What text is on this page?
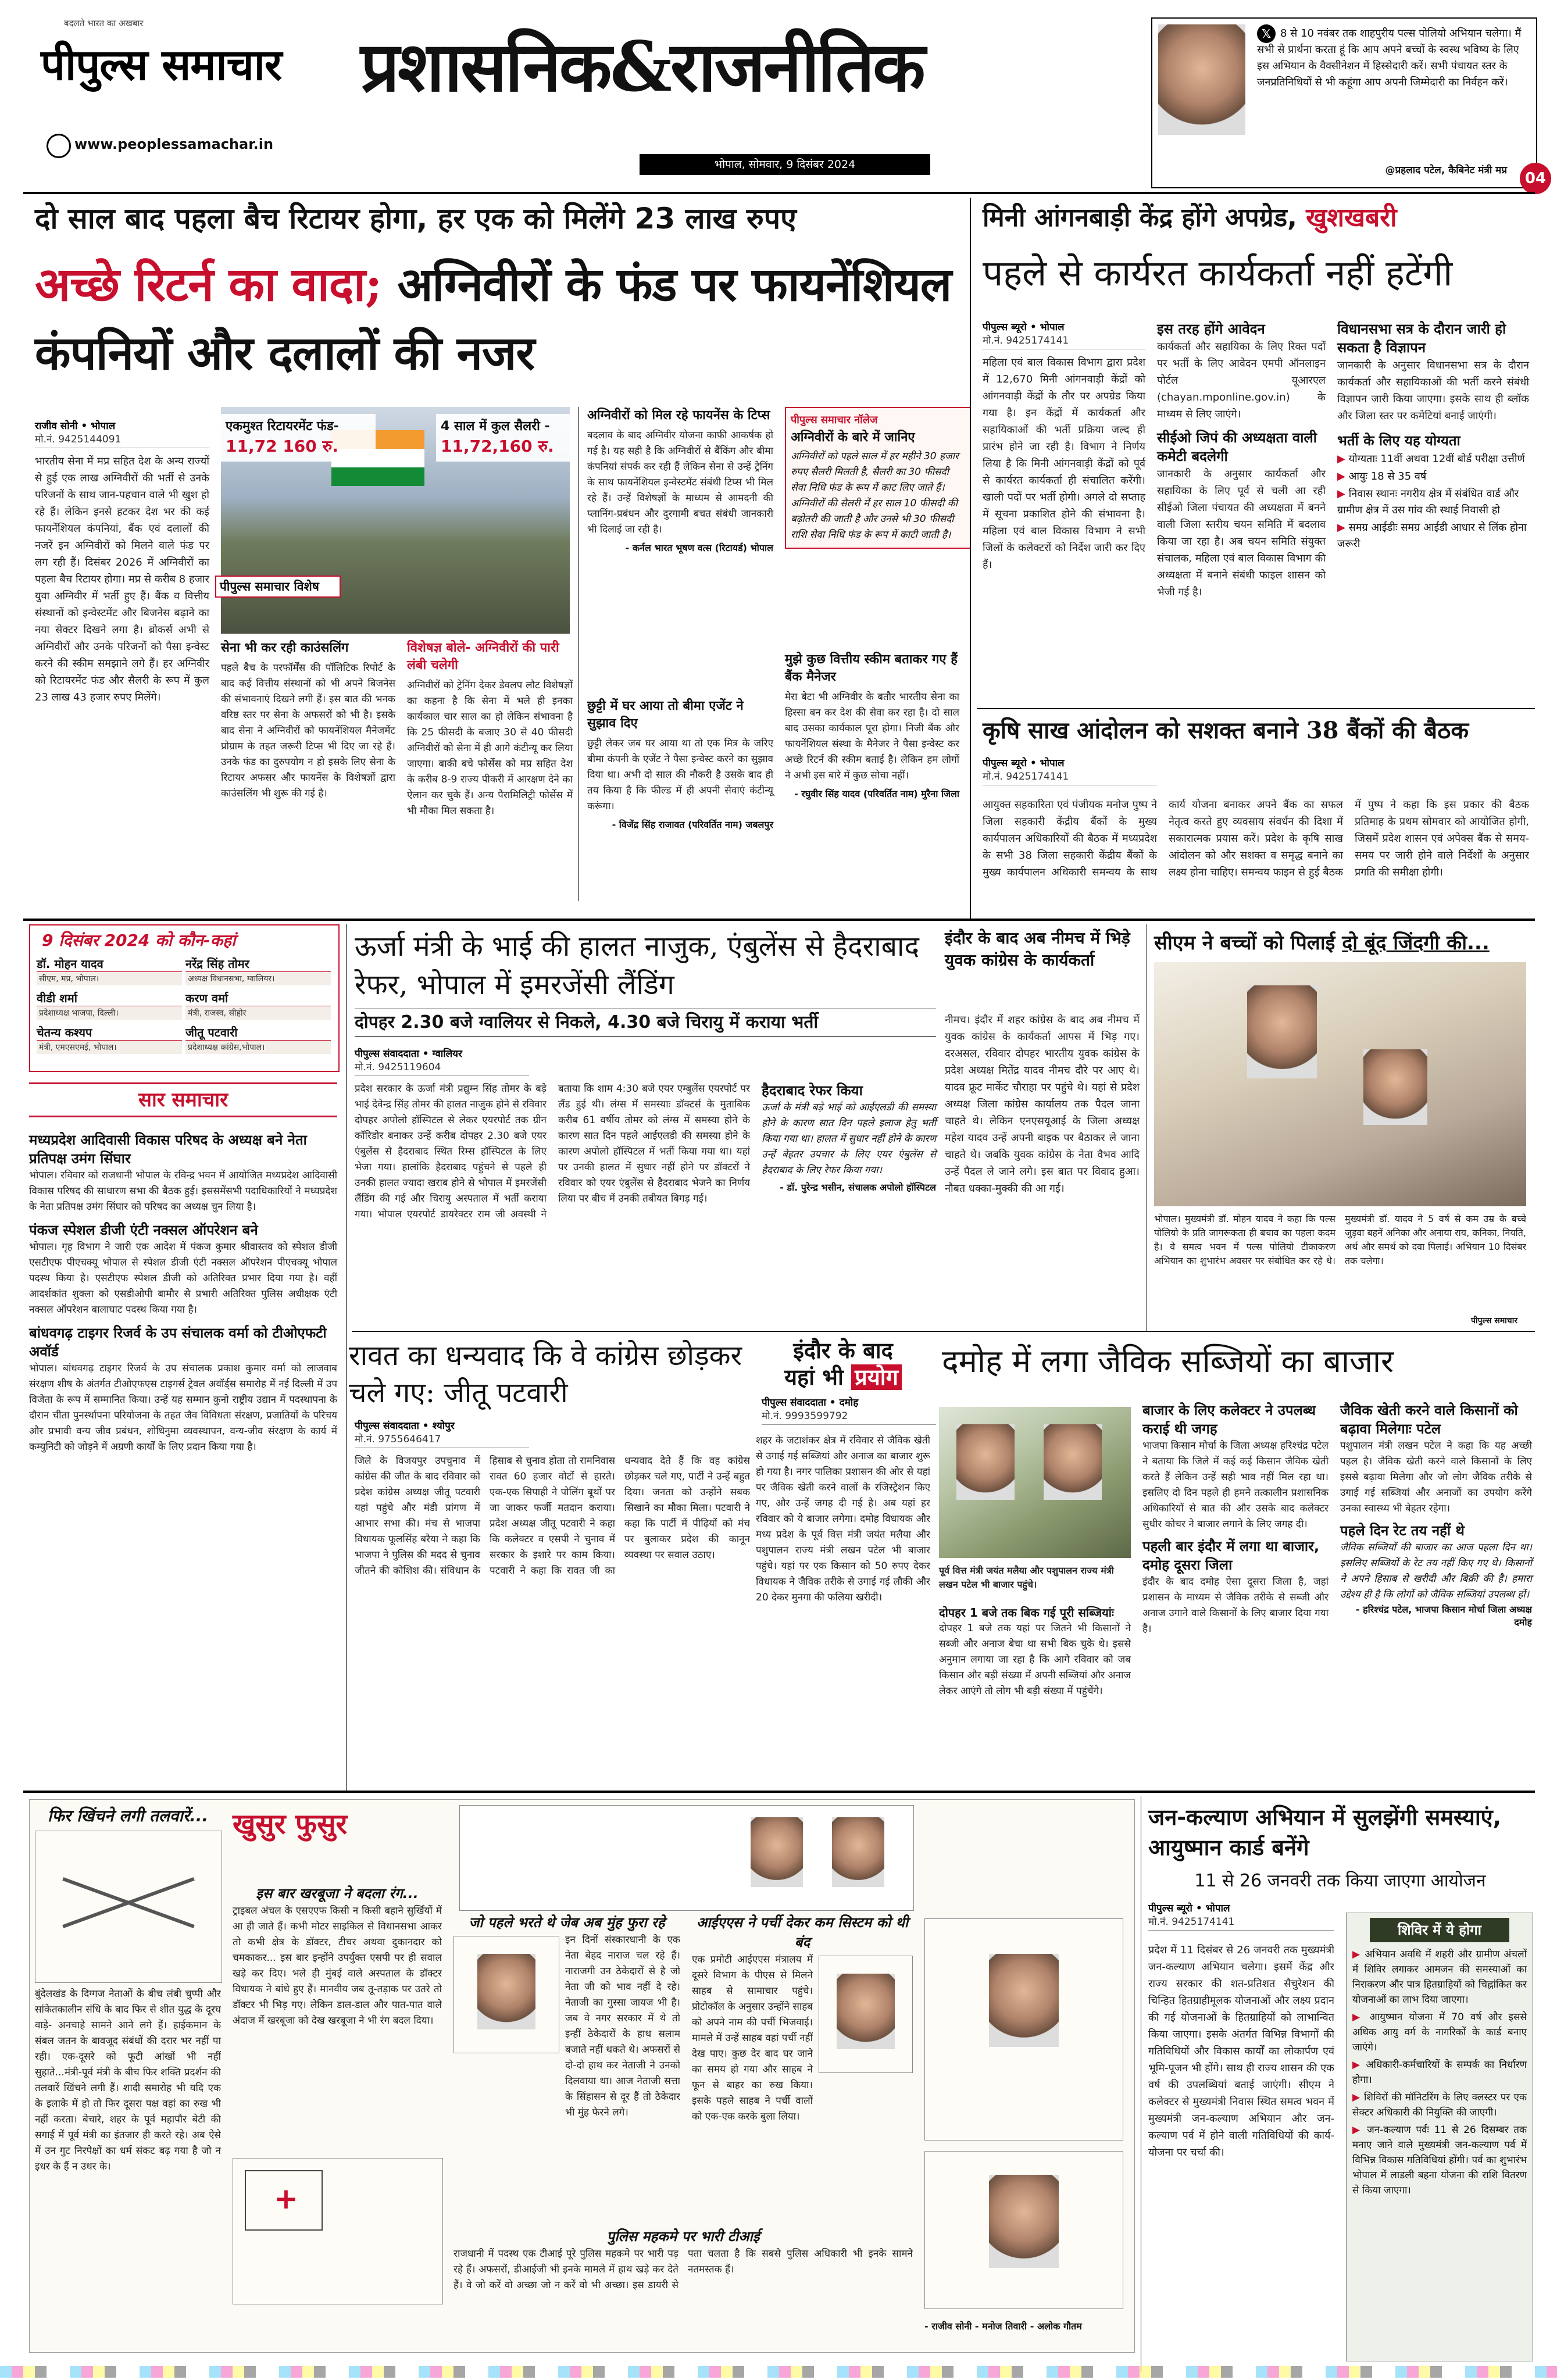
बदलते भारत का अखबार
पीपुल्स समाचार
www.peoplessamachar.in
प्रशासनिक&राजनीतिक
भोपाल, सोमवार, 9 दिसंबर 2024
𝕏 8 से 10 नवंबर तक शाहपुरीय पल्स पोलियो अभियान चलेगा। मैं सभी से प्रार्थना करता हूं कि आप अपने बच्चों के स्वस्थ भविष्य के लिए इस अभियान के वैक्सीनेशन में हिस्सेदारी करें। सभी पंचायत स्तर के जनप्रतिनिधियों से भी कहूंगा आप अपनी जिम्मेदारी का निर्वहन करें।
@प्रहलाद पटेल, कैबिनेट मंत्री मप्र	04
दो साल बाद पहला बैच रिटायर होगा, हर एक को मिलेंगे 23 लाख रुपए
अच्छे रिटर्न का वादा; अग्निवीरों के फंड पर फायनेंशियल कंपनियों और दलालों की नजर
राजीव सोनी • भोपाल
मो.नं. 9425144091
भारतीय सेना में मप्र सहित देश के अन्य राज्यों से हुई एक लाख अग्निवीरों की भर्ती से उनके परिजनों के साथ जान-पहचान वाले भी खुश हो रहे हैं। लेकिन इनसे हटकर देश भर की कई फायनेंशियल कंपनियां, बैंक एवं दलालों की नजरें इन अग्निवीरों को मिलने वाले फंड पर लग रही हैं। दिसंबर 2026 में अग्निवीरों का पहला बैच रिटायर होगा। मप्र से करीब 8 हजार युवा अग्निवीर में भर्ती हुए हैं। बैंक व वित्तीय संस्थानों को इन्वेस्टमेंट और बिजनेस बढ़ाने का नया सेक्टर दिखने लगा है। ब्रोकर्स अभी से अग्निवीरों और उनके परिजनों को पैसा इन्वेस्ट करने की स्कीम समझाने लगे हैं। हर अग्निवीर को रिटायरमेंट फंड और सैलरी के रूप में कुल 23 लाख 43 हजार रुपए मिलेंगे।
एकमुश्त रिटायरमेंट फंड-
11,72 160 रु.
4 साल में कुल सैलरी -
11,72,160 रु.
पीपुल्स समाचार विशेष
सेना भी कर रही काउंसलिंग
पहले बैच के परफॉर्मेंस की पॉलिटिक रिपोर्ट के बाद कई वित्तीय संस्थानों को भी अपने बिजनेस की संभावनाएं दिखने लगी हैं। इस बात की भनक वरिष्ठ स्तर पर सेना के अफसरों को भी है। इसके बाद सेना ने अग्निवीरों को फायनेंशियल मैनेजमेंट प्रोग्राम के तहत जरूरी टिप्स भी दिए जा रहे हैं। उनके फंड का दुरुपयोग न हो इसके लिए सेना के रिटायर अफसर और फायनेंस के विशेषज्ञों द्वारा काउंसलिंग भी शुरू की गई है।
विशेषज्ञ बोले- अग्निवीरों की पारी लंबी चलेगी
अग्निवीरों को ट्रेनिंग देकर डेवलप लौट विशेषज्ञों का कहना है कि सेना में भले ही इनका कार्यकाल चार साल का हो लेकिन संभावना है कि 25 फीसदी के बजाए 30 से 40 फीसदी अग्निवीरों को सेना में ही आगे कंटीन्यू कर लिया जाएगा। बाकी बचे फोर्सेस को मप्र सहित देश के करीब 8-9 राज्य पीकरी में आरक्षण देने का ऐलान कर चुके हैं। अन्य पैरामिलिट्री फोर्सेस में भी मौका मिल सकता है।
अग्निवीरों को मिल रहे फायनेंस के टिप्स
बदलाव के बाद अग्निवीर योजना काफी आकर्षक हो गई है। यह सही है कि अग्निवीरों से बैंकिंग और बीमा कंपनियां संपर्क कर रही हैं लेकिन सेना से उन्हें ट्रेनिंग के साथ फायनेंशियल इन्वेस्टमेंट संबंधी टिप्स भी मिल रहे हैं। उन्हें विशेषज्ञों के माध्यम से आमदनी की प्लानिंग-प्रबंधन और दुरगामी बचत संबंधी जानकारी भी दिलाई जा रही है।
- कर्नल भारत भूषण वत्स (रिटायर्ड) भोपाल
छुट्टी में घर आया तो बीमा एजेंट ने सुझाव दिए
छुट्टी लेकर जब घर आया था तो एक मित्र के जरिए बीमा कंपनी के एजेंट ने पैसा इन्वेस्ट करने का सुझाव दिया था। अभी दो साल की नौकरी है उसके बाद ही तय किया है कि फील्ड में ही अपनी सेवाएं कंटीन्यू करूंगा।
- विजेंद्र सिंह राजावत (परिवर्तित नाम) जबलपुर
पीपुल्स समाचार नॉलेज
अग्निवीरों के बारे में जानिए
अग्निवीरों को पहले साल में हर महीने 30 हजार रुपए सैलरी मिलती है, सैलरी का 30 फीसदी सेवा निधि फंड के रूप में काट लिए जाते हैं। अग्निवीरों की सैलरी में हर साल 10 फीसदी की बढ़ोतरी की जाती है और उनसे भी 30 फीसदी राशि सेवा निधि फंड के रूप में काटी जाती है।
मुझे कुछ वित्तीय स्कीम बताकर गए हैं बैंक मैनेजर
मेरा बेटा भी अग्निवीर के बतौर भारतीय सेना का हिस्सा बन कर देश की सेवा कर रहा है। दो साल बाद उसका कार्यकाल पूरा होगा। निजी बैंक और फायनेंशियल संस्था के मैनेजर ने पैसा इन्वेस्ट कर अच्छे रिटर्न की स्कीम बताई है। लेकिन हम लोगों ने अभी इस बारे में कुछ सोचा नहीं।
- रघुवीर सिंह यादव (परिवर्तित नाम) मुरैना जिला
मिनी आंगनबाड़ी केंद्र होंगे अपग्रेड, खुशखबरी
पहले से कार्यरत कार्यकर्ता नहीं हटेंगी
पीपुल्स ब्यूरो • भोपाल
मो.नं. 9425174141
महिला एवं बाल विकास विभाग द्वारा प्रदेश में 12,670 मिनी आंगनवाड़ी केंद्रों को आंगनवाड़ी केंद्रों के तौर पर अपग्रेड किया गया है। इन केंद्रों में कार्यकर्ता और सहायिकाओं की भर्ती प्रक्रिया जल्द ही प्रारंभ होने जा रही है। विभाग ने निर्णय लिया है कि मिनी आंगनवाड़ी केंद्रों को पूर्व से कार्यरत कार्यकर्ता ही संचालित करेंगी। खाली पदों पर भर्ती होगी। अगले दो सप्ताह में सूचना प्रकाशित होने की संभावना है। महिला एवं बाल विकास विभाग ने सभी जिलों के कलेक्टरों को निर्देश जारी कर दिए हैं।
इस तरह होंगे आवेदन
कार्यकर्ता और सहायिका के लिए रिक्त पदों पर भर्ती के लिए आवेदन एमपी ऑनलाइन पोर्टल यूआरएल (chayan.mponline.gov.in) के माध्यम से लिए जाएंगे।
सीईओ जिपं की अध्यक्षता वाली कमेटी बदलेगी
जानकारी के अनुसार कार्यकर्ता और सहायिका के लिए पूर्व से चली आ रही सीईओ जिला पंचायत की अध्यक्षता में बनने वाली जिला स्तरीय चयन समिति में बदलाव किया जा रहा है। अब चयन समिति संयुक्त संचालक, महिला एवं बाल विकास विभाग की अध्यक्षता में बनाने संबंधी फाइल शासन को भेजी गई है।
विधानसभा सत्र के दौरान जारी हो सकता है विज्ञापन
जानकारी के अनुसार विधानसभा सत्र के दौरान कार्यकर्ता और सहायिकाओं की भर्ती करने संबंधी विज्ञापन जारी किया जाएगा। इसके साथ ही ब्लॉक और जिला स्तर पर कमेटियां बनाई जाएंगी।
भर्ती के लिए यह योग्यता
▶ योग्यताः 11वीं अथवा 12वीं बोर्ड परीक्षा उत्तीर्ण
▶ आयुः 18 से 35 वर्ष
▶ निवास स्थानः नगरीय क्षेत्र में संबंधित वार्ड और ग्रामीण क्षेत्र में उस गांव की स्थाई निवासी हो
▶ समग्र आईडीः समग्र आईडी आधार से लिंक होना जरूरी
कृषि साख आंदोलन को सशक्त बनाने 38 बैंकों की बैठक
पीपुल्स ब्यूरो • भोपाल
मो.नं. 9425174141
आयुक्त सहकारिता एवं पंजीयक मनोज पुष्प ने जिला सहकारी केंद्रीय बैंकों के मुख्य कार्यपालन अधिकारियों की बैठक में मध्यप्रदेश के सभी 38 जिला सहकारी केंद्रीय बैंकों के मुख्य कार्यपालन अधिकारी समन्वय के साथ कार्य योजना बनाकर अपने बैंक का सफल नेतृत्व करते हुए व्यवसाय संवर्धन की दिशा में सकारात्मक प्रयास करें। प्रदेश के कृषि साख आंदोलन को और सशक्त व समृद्ध बनाने का लक्ष्य होना चाहिए। समन्वय फाइन से हुई बैठक में पुष्प ने कहा कि इस प्रकार की बैठक प्रतिमाह के प्रथम सोमवार को आयोजित होगी, जिसमें प्रदेश शासन एवं अपेक्स बैंक से समय-समय पर जारी होने वाले निर्देशों के अनुसार प्रगति की समीक्षा होगी।
9 दिसंबर 2024 को कौन-कहां
डॉ. मोहन यादव
सीएम, मप्र, भोपाल।
नरेंद्र सिंह तोमर
अध्यक्ष विधानसभा, ग्वालियर।
वीडी शर्मा
प्रदेशाध्यक्ष भाजपा, दिल्ली।
करण वर्मा
मंत्री, राजस्व, सीहोर
चेतन्य कश्यप
मंत्री, एमएसएमई, भोपाल।
जीतू पटवारी
प्रदेशाध्यक्ष कांग्रेस,भोपाल।
सार समाचार
मध्यप्रदेश आदिवासी विकास परिषद के अध्यक्ष बने नेता प्रतिपक्ष उमंग सिंघार
भोपाल। रविवार को राजधानी भोपाल के रविन्द्र भवन में आयोजित मध्यप्रदेश आदिवासी विकास परिषद की साधारण सभा की बैठक हुई। इससमेंसभी पदाधिकारियों ने मध्यप्रदेश के नेता प्रतिपक्ष उमंग सिंघार को परिषद का अध्यक्ष चुन लिया है।
पंकज स्पेशल डीजी एंटी नक्सल ऑपरेशन बने
भोपाल। गृह विभाग ने जारी एक आदेश में पंकज कुमार श्रीवास्तव को स्पेशल डीजी एसटीएफ पीएचक्यू भोपाल से स्पेशल डीजी एंटी नक्सल ऑपरेशन पीएचक्यू भोपाल पदस्थ किया है। एसटीएफ स्पेशल डीजी को अतिरिक्त प्रभार दिया गया है। वहीं आदर्शकांत शुक्ला को एसडीओपी बामौर से प्रभारी अतिरिक्त पुलिस अधीक्षक एंटी नक्सल ऑपरेशन बालाघाट पदस्थ किया गया है।
बांधवगढ़ टाइगर रिजर्व के उप संचालक वर्मा को टीओएफटी अवॉर्ड
भोपाल। बांधवगढ़ टाइगर रिजर्व के उप संचालक प्रकाश कुमार वर्मा को लाजवाब संरक्षण शीष के अंतर्गत टीओएफएस टाइगर्स ट्रेवल अवॉर्ड्स समारोह में नई दिल्ली में उप विजेता के रूप में सम्मानित किया। उन्हें यह सम्मान कुनो राष्ट्रीय उद्यान में पदस्थापना के दौरान चीता पुनर्स्थापना परियोजना के तहत जैव विविधता संरक्षण, प्रजातियों के परिचय और प्रभावी वन्य जीव प्रबंधन, शोधिनुमा व्यवस्थापन, वन्य-जीव संरक्षण के कार्य में कम्युनिटी को जोड़ने में अग्रणी कार्यों के लिए प्रदान किया गया है।
ऊर्जा मंत्री के भाई की हालत नाजुक, एंबुलेंस से हैदराबाद रेफर, भोपाल में इमरजेंसी लैंडिंग
दोपहर 2.30 बजे ग्वालियर से निकले, 4.30 बजे चिरायु में कराया भर्ती
पीपुल्स संवाददाता • ग्वालियर
मो.नं. 9425119604
प्रदेश सरकार के ऊर्जा मंत्री प्रद्युम्न सिंह तोमर के बड़े भाई देवेन्द्र सिंह तोमर की हालत नाजुक होने से रविवार दोपहर अपोलो हॉस्पिटल से लेकर एयरपोर्ट तक ग्रीन कॉरिडोर बनाकर उन्हें करीब दोपहर 2.30 बजे एयर एंबुलेंस से हैदराबाद स्थित रिम्स हॉस्पिटल के लिए भेजा गया। हालांकि हैदराबाद पहुंचने से पहले ही उनकी हालत ज्यादा खराब होने से भोपाल में इमरजेंसी लैंडिंग की गई और चिरायु अस्पताल में भर्ती कराया गया। भोपाल एयरपोर्ट डायरेक्टर राम जी अवस्थी ने बताया कि शाम 4:30 बजे एयर एम्बुलेंस एयरपोर्ट पर लैंड हुई थी। लंग्स में समस्याः डॉक्टर्स के मुताबिक करीब 61 वर्षीय तोमर को लंग्स में समस्या होने के कारण सात दिन पहले आईएलडी की समस्या होने के कारण अपोलो हॉस्पिटल में भर्ती किया गया था। यहां पर उनकी हालत में सुधार नहीं होने पर डॉक्टरों ने रविवार को एयर एंबुलेंस से हैदराबाद भेजने का निर्णय लिया पर बीच में उनकी तबीयत बिगड़ गई।
हैदराबाद रेफर किया
ऊर्जा के मंत्री बड़े भाई को आईएलडी की समस्या होने के कारण सात दिन पहले इलाज हेतु भर्ती किया गया था। हालत में सुधार नहीं होने के कारण उन्हें बेहतर उपचार के लिए एयर एंबुलेंस से हैदराबाद के लिए रेफर किया गया।
- डॉ. पुरेन्द्र भसीन, संचालक अपोलो हॉस्पिटल
रावत का धन्यवाद कि वे कांग्रेस छोड़कर चले गए: जीतू पटवारी
पीपुल्स संवाददाता • श्योपुर
मो.नं. 9755646417
जिले के विजयपुर उपचुनाव में कांग्रेस की जीत के बाद रविवार को प्रदेश कांग्रेस अध्यक्ष जीतू पटवारी यहां पहुंचे और मंडी प्रांगण में आभार सभा की। मंच से भाजपा विधायक फूलसिंह बरैया ने कहा कि भाजपा ने पुलिस की मदद से चुनाव जीतने की कोशिश की। संविधान के हिसाब से चुनाव होता तो रामनिवास रावत 60 हजार वोटों से हारते। एक-एक सिपाही ने पोलिंग बूथों पर जा जाकर फर्जी मतदान कराया। प्रदेश अध्यक्ष जीतू पटवारी ने कहा कि कलेक्टर व एसपी ने चुनाव में सरकार के इशारे पर काम किया। पटवारी ने कहा कि रावत जी का धन्यवाद देते हैं कि वह कांग्रेस छोड़कर चले गए, पार्टी ने उन्हें बहुत दिया। जनता को उन्होंने सबक सिखाने का मौका मिला। पटवारी ने कहा कि पार्टी में पीढ़ियों को मंच पर बुलाकर प्रदेश की कानून व्यवस्था पर सवाल उठाए।
इंदौर के बाद अब नीमच में भिड़े युवक कांग्रेस के कार्यकर्ता
नीमच। इंदौर में शहर कांग्रेस के बाद अब नीमच में युवक कांग्रेस के कार्यकर्ता आपस में भिड़ गए। दरअसल, रविवार दोपहर भारतीय युवक कांग्रेस के प्रदेश अध्यक्ष मितेंद्र यादव नीमच दौरे पर आए थे। यादव फ्रूट मार्केट चौराहा पर पहुंचे थे। यहां से प्रदेश अध्यक्ष जिला कांग्रेस कार्यालय तक पैदल जाना चाहते थे। लेकिन एनएसयूआई के जिला अध्यक्ष महेश यादव उन्हें अपनी बाइक पर बैठाकर ले जाना चाहते थे। जबकि युवक कांग्रेस के नेता वैभव आदि उन्हें पैदल ले जाने लगे। इस बात पर विवाद हुआ। नौबत धक्का-मुक्की की आ गई।
सीएम ने बच्चों को पिलाई दो बूंद जिंदगी की...
भोपाल। मुख्यमंत्री डॉ. मोहन यादव ने कहा कि पल्स पोलियो के प्रति जागरूकता ही बचाव का पहला कदम है। वे समत्व भवन में पल्स पोलियो टीकाकरण अभियान का शुभारंभ अवसर पर संबोधित कर रहे थे। मुख्यमंत्री डॉ. यादव ने 5 वर्ष से कम उम्र के बच्चे जुड़वा बहनें अनिका और अनाया राय, कनिका, नियति, अर्थ और समर्थ को दवा पिलाई। अभियान 10 दिसंबर तक चलेगा।
पीपुल्स समाचार
इंदौर के बाद
यहां भी प्रयोग
पीपुल्स संवाददाता • दमोह
मो.नं. 9993599792
दमोह में लगा जैविक सब्जियों का बाजार
शहर के जटाशंकर क्षेत्र में रविवार से जैविक खेती से उगाई गई सब्जियां और अनाज का बाजार शुरू हो गया है। नगर पालिका प्रशासन की ओर से यहां पर जैविक खेती करने वालों के रजिस्ट्रेशन किए गए, और उन्हें जगह दी गई है। अब यहां हर रविवार को ये बाजार लगेगा। दमोह विधायक और मध्य प्रदेश के पूर्व वित्त मंत्री जयंत मलैया और पशुपालन राज्य मंत्री लखन पटेल भी बाजार पहुंचे। यहां पर एक किसान को 50 रुपए देकर विधायक ने जैविक तरीके से उगाई गई लौकी और 20 देकर मुनगा की फलिया खरीदी।
पूर्व वित्त मंत्री जयंत मलैया और पशुपालन राज्य मंत्री लखन पटेल भी बाजार पहुंचे।
दोपहर 1 बजे तक बिक गई पूरी सब्जियांः
दोपहर 1 बजे तक यहां पर जितने भी किसानों ने सब्जी और अनाज बेचा था सभी बिक चुके थे। इससे अनुमान लगाया जा रहा है कि आगे रविवार को जब किसान और बड़ी संख्या में अपनी सब्जियां और अनाज लेकर आएंगे तो लोग भी बड़ी संख्या में पहुंचेंगे।
बाजार के लिए कलेक्टर ने उपलब्ध कराई थी जगह
भाजपा किसान मोर्चा के जिला अध्यक्ष हरिश्चंद्र पटेल ने बताया कि जिले में कई कई किसान जैविक खेती करते हैं लेकिन उन्हें सही भाव नहीं मिल रहा था। इसलिए दो दिन पहले ही हमने तत्कालीन प्रशासनिक अधिकारियों से बात की और उसके बाद कलेक्टर सुधीर कोचर ने बाजार लगाने के लिए जगह दी।
पहली बार इंदौर में लगा था बाजार, दमोह दूसरा जिला
इंदौर के बाद दमोह ऐसा दूसरा जिला है, जहां प्रशासन के माध्यम से जैविक तरीके से सब्जी और अनाज उगाने वाले किसानों के लिए बाजार दिया गया है।
जैविक खेती करने वाले किसानों को बढ़ावा मिलेगाः पटेल
पशुपालन मंत्री लखन पटेल ने कहा कि यह अच्छी पहल है। जैविक खेती करने वाले किसानों के लिए इससे बढ़ावा मिलेगा और जो लोग जैविक तरीके से उगाई गई सब्जियां और अनाजों का उपयोग करेंगे उनका स्वास्थ्य भी बेहतर रहेगा।
पहले दिन रेट तय नहीं थे
जैविक सब्जियों की बाजार का आज पहला दिन था। इसलिए सब्जियों के रेट तय नहीं किए गए थे। किसानों ने अपने हिसाब से खरीदी और बिक्री की है। हमारा उद्देश्य ही है कि लोगों को जैविक सब्जियां उपलब्ध हों।
- हरिश्चंद्र पटेल, भाजपा किसान मोर्चा जिला अध्यक्ष दमोह
फिर खिंचने लगी तलवारें...
बुंदेलखंड के दिग्गज नेताओं के बीच लंबी चुप्पी और सांकेतकालीन संधि के बाद फिर से शीत युद्ध के दूरघ वाड़े- अनचाहे सामने आने लगे हैं। हाईकमान के संबल जतन के बावजूद संबंधों की दरार भर नहीं पा रही। एक-दूसरे को फूटी आंखों भी नहीं सुहाते...मंत्री-पूर्व मंत्री के बीच फिर शक्ति प्रदर्शन की तलवारें खिंचने लगी हैं। शादी समारोह भी यदि एक के इलाके में हो तो फिर दूसरा पक्ष वहां का रुख भी नहीं करता। बेचारे, शहर के पूर्व महापौर बेटी की सगाई में पूर्व मंत्री का इंतजार ही करते रहे। अब ऐसे में उन गुट निरपेक्षों का धर्म संकट बढ़ गया है जो न इधर के हैं न उधर के।
खुसुर फुसुर
इस बार खरबूजा ने बदला रंग...
ट्राइबल अंचल के एसएएफ किसी न किसी बहाने सुर्खियों में आ ही जाते हैं। कभी मोटर साइकिल से विधानसभा आकर तो कभी क्षेत्र के डॉक्टर, टीचर अथवा दुकानदार को चमकाकर... इस बार इन्होंने उपर्युक्त एसपी पर ही सवाल खड़े कर दिए। भले ही मुंबई वाले अस्पताल के डॉक्टर विधायक ने बांधे हुए हैं। मानवीय जब तू-तड़ाक पर उतरे तो डॉक्टर भी भिड़ गए। लेकिन डाल-डाल और पात-पात वाले अंदाज में खरबूजा को देख खरबूजा ने भी रंग बदल दिया।
+
जो पहले भरते थे जेब अब मुंह फुरा रहे
इन दिनों संस्कारधानी के एक नेता बेहद नाराज चल रहे हैं। नाराजगी उन ठेकेदारों से है जो नेता जी को भाव नहीं दे रहे। नेताजी का गुस्सा जायज भी है। जब वे नगर सरकार में थे तो इन्हीं ठेकेदारों के हाथ सलाम बजाते नहीं थकते थे। अफसरों से दो-दो हाथ कर नेताजी ने उनको दिलवाया था। आज नेताजी सत्ता के सिंहासन से दूर हैं तो ठेकेदार भी मुंह फेरने लगे।
आईएएस ने पर्ची देकर कम सिस्टम को थी बंद
एक प्रमोटी आईएएस मंत्रालय में दूसरे विभाग के पीएस से मिलने साहब से सामाचार पहुंचे। प्रोटोकॉल के अनुसार उन्होंने साहब को अपने नाम की पर्ची भिजवाई। मामले में उन्हें साहब वहां पर्ची नहीं देख पाए। कुछ देर बाद घर जाने का समय हो गया और साहब ने फून से बाहर का रुख किया। इसके पहले साहब ने पर्ची वालों को एक-एक करके बुला लिया।
पुलिस महकमे पर भारी टीआई
राजधानी में पदस्थ एक टीआई पूरे पुलिस महकमे पर भारी पड़ रहे हैं। अफसरों, डीआईजी भी इनके मामले में हाथ खड़े कर देते हैं। वे जो करें वो अच्छा जो न करें वो भी अच्छा। इस डायरी से पता चलता है कि सबसे पुलिस अधिकारी भी इनके सामने नतमस्तक हैं।
- राजीव सोनी - मनोज तिवारी - अलोक गौतम
जन-कल्याण अभियान में सुलझेंगी समस्याएं, आयुष्मान कार्ड बनेंगे
11 से 26 जनवरी तक किया जाएगा आयोजन
पीपुल्स ब्यूरो • भोपाल
मो.नं. 9425174141
प्रदेश में 11 दिसंबर से 26 जनवरी तक मुख्यमंत्री जन-कल्याण अभियान चलेगा। इसमें केंद्र और राज्य सरकार की शत-प्रतिशत सैचुरेशन की चिन्हित हितग्राहीमूलक योजनाओं और लक्ष्य प्रदान की गई योजनाओं के हितग्राहियों को लाभान्वित किया जाएगा। इसके अंतर्गत विभिन्न विभागों की गतिविधियों और विकास कार्यों का लोकार्पण एवं भूमि-पूजन भी होंगे। साथ ही राज्य शासन की एक वर्ष की उपलब्धियां बताई जाएंगी। सीएम ने कलेक्टर से मुख्यमंत्री निवास स्थित समत्व भवन में मुख्यमंत्री जन-कल्याण अभियान और जन-कल्याण पर्व में होने वाली गतिविधियों की कार्य-योजना पर चर्चा की।
शिविर में ये होगा
▶ अभियान अवधि में शहरी और ग्रामीण अंचलों में शिविर लगाकर आमजन की समस्याओं का निराकरण और पात्र हितग्राहियों को चिह्नांकित कर योजनाओं का लाभ दिया जाएगा।
▶ आयुष्मान योजना में 70 वर्ष और इससे अधिक आयु वर्ग के नागरिकों के कार्ड बनाए जाएंगे।
▶ अधिकारी-कर्मचारियों के सम्पर्क का निर्धारण होगा।
▶ शिविरों की मॉनिटरिंग के लिए क्लस्टर पर एक सेक्टर अधिकारी की नियुक्ति की जाएगी।
▶ जन-कल्याण पर्वः 11 से 26 दिसम्बर तक मनाए जाने वाले मुख्यमंत्री जन-कल्याण पर्व में विभिन्न विकास गतिविधियां होंगी। पर्व का शुभारंभ भोपाल में लाडली बहना योजना की राशि वितरण से किया जाएगा।
